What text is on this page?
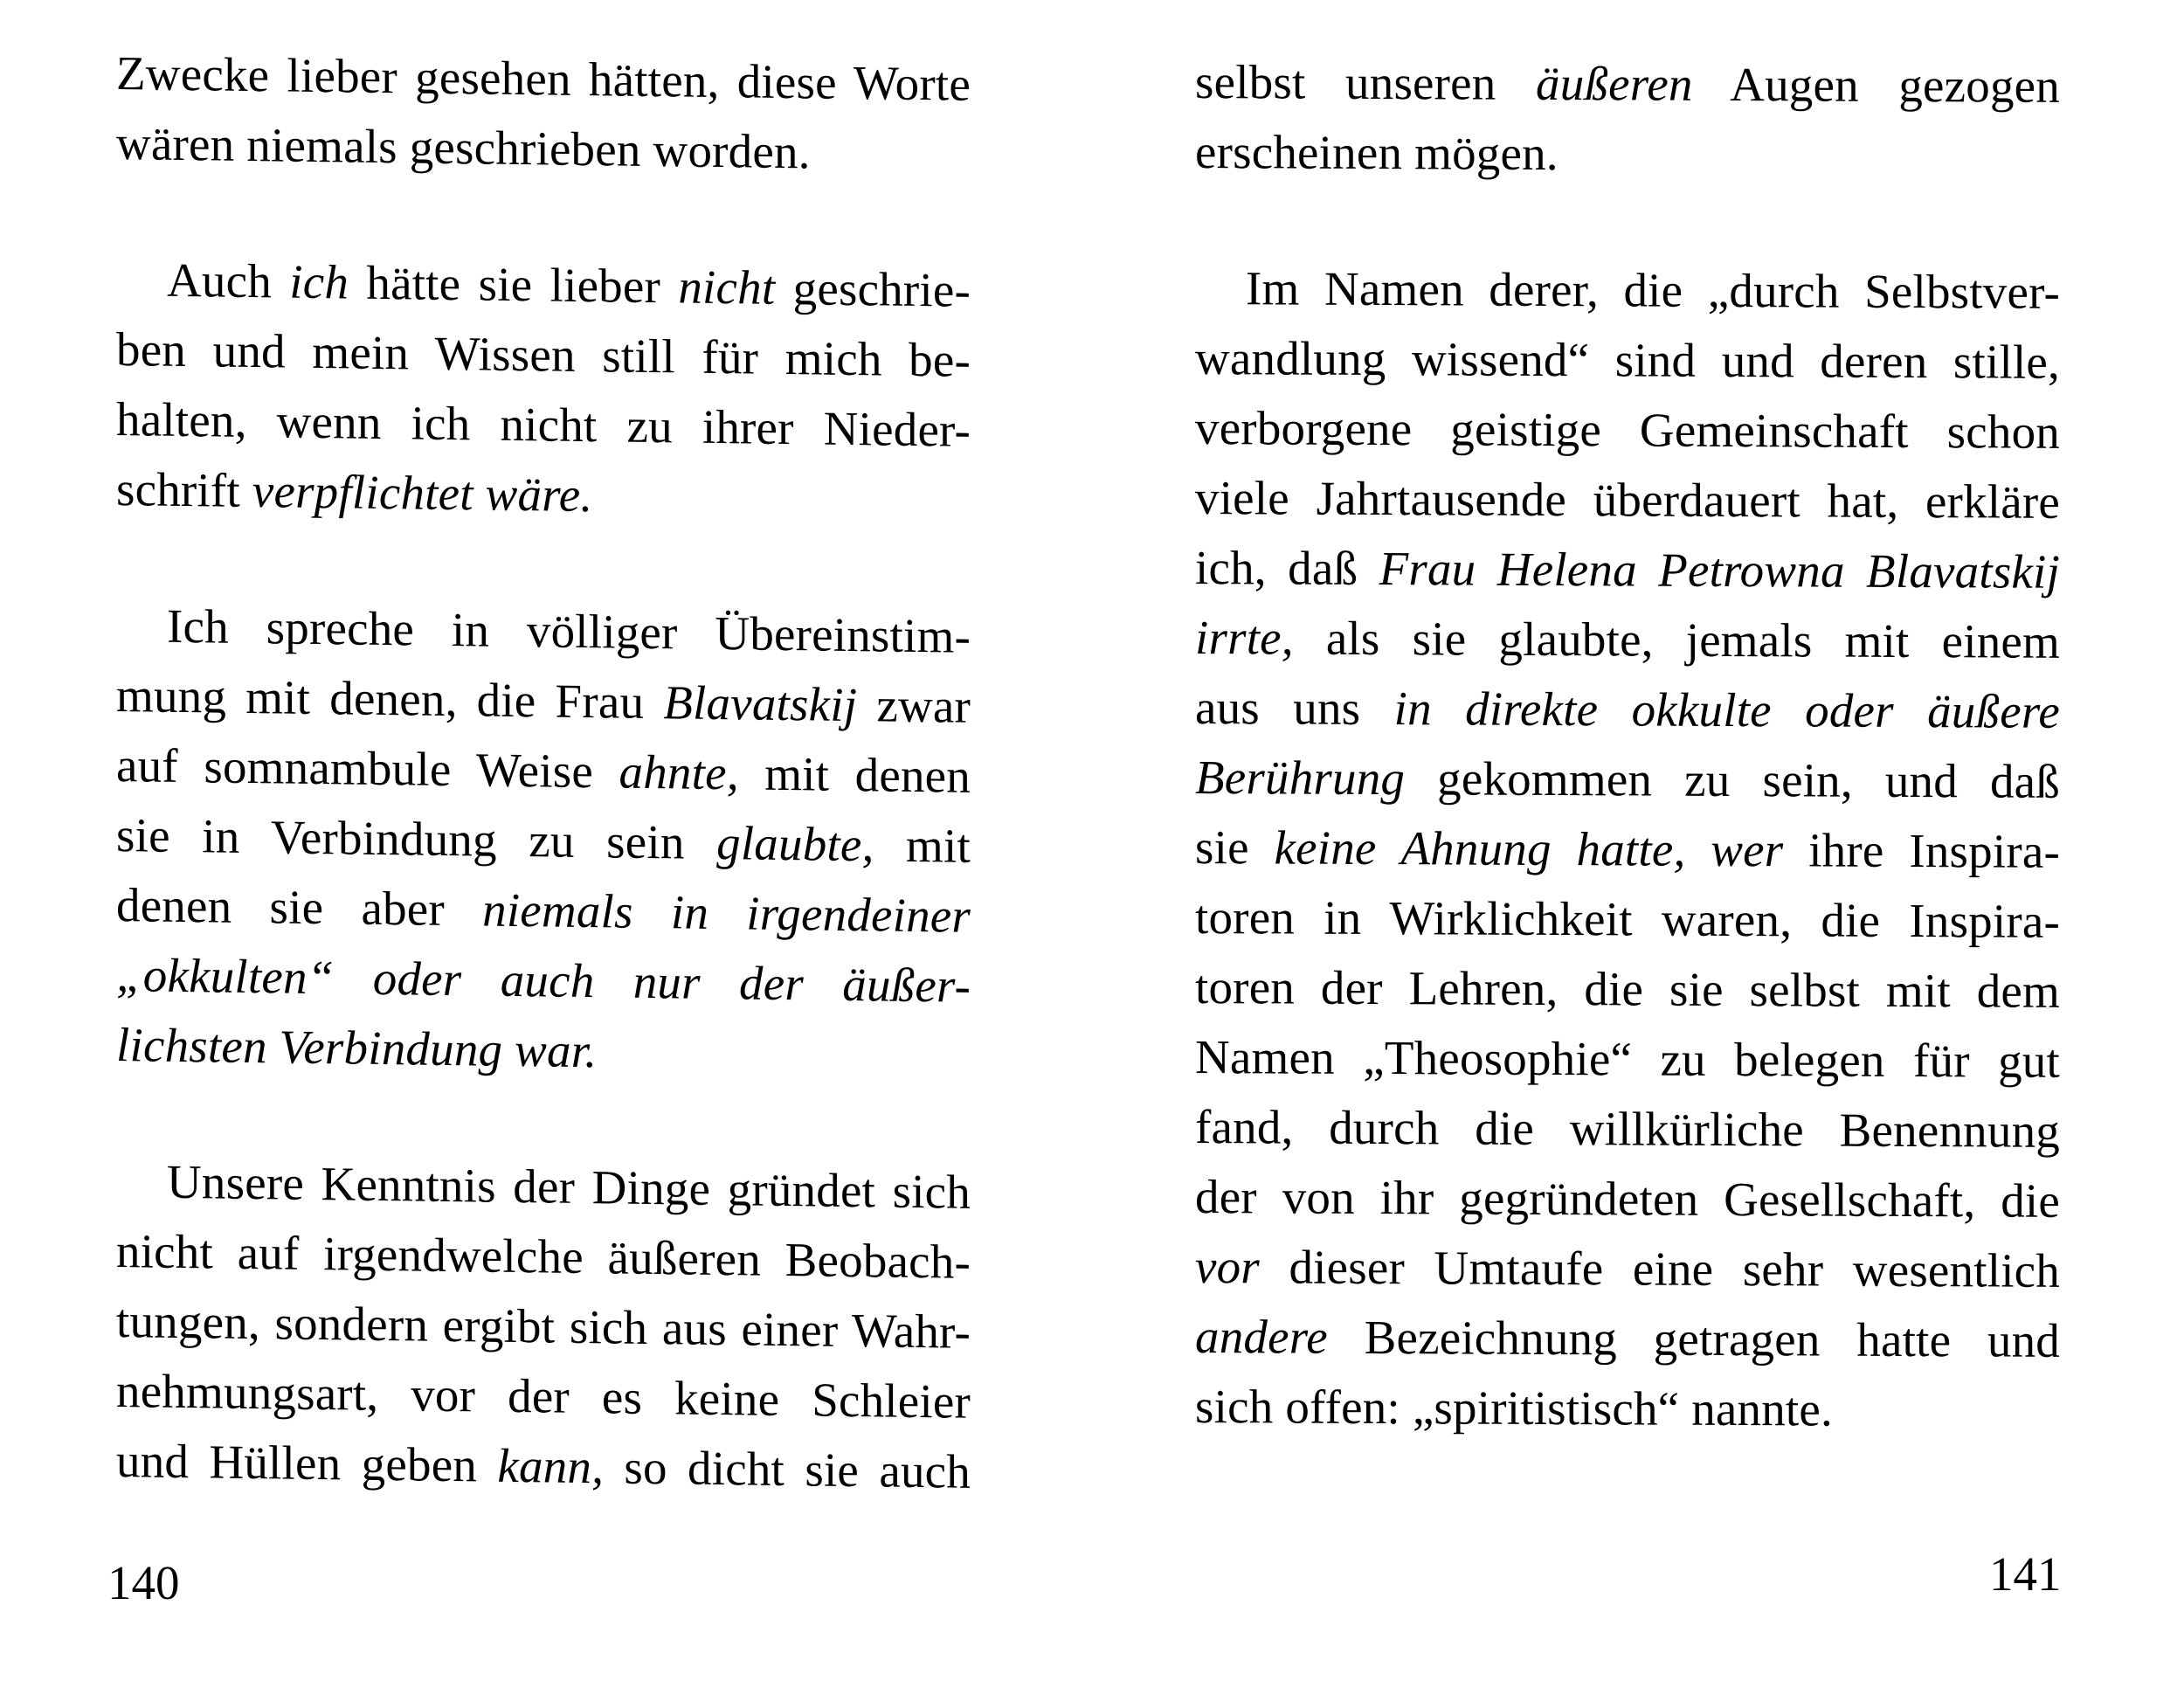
Zwecke lieber gesehen hätten, diese Worte
wären niemals geschrieben worden.
Auch ich hätte sie lieber nicht geschrie-
ben und mein Wissen still für mich be-
halten, wenn ich nicht zu ihrer Nieder-
schrift verpflichtet wäre.
Ich spreche in völliger Übereinstim-
mung mit denen, die Frau Blavatskij zwar
auf somnambule Weise ahnte, mit denen
sie in Verbindung zu sein glaubte, mit
denen sie aber niemals in irgendeiner
„okkulten“ oder auch nur der äußer-
lichsten Verbindung war.
Unsere Kenntnis der Dinge gründet sich
nicht auf irgendwelche äußeren Beobach-
tungen, sondern ergibt sich aus einer Wahr-
nehmungsart, vor der es keine Schleier
und Hüllen geben kann, so dicht sie auch
140
selbst unseren äußeren Augen gezogen
erscheinen mögen.
Im Namen derer, die „durch Selbstver-
wandlung wissend“ sind und deren stille,
verborgene geistige Gemeinschaft schon
viele Jahrtausende überdauert hat, erkläre
ich, daß Frau Helena Petrowna Blavatskij
irrte, als sie glaubte, jemals mit einem
aus uns in direkte okkulte oder äußere
Berührung gekommen zu sein, und daß
sie keine Ahnung hatte, wer ihre Inspira-
toren in Wirklichkeit waren, die Inspira-
toren der Lehren, die sie selbst mit dem
Namen „Theosophie“ zu belegen für gut
fand, durch die willkürliche Benennung
der von ihr gegründeten Gesellschaft, die
vor dieser Umtaufe eine sehr wesentlich
andere Bezeichnung getragen hatte und
sich offen: „spiritistisch“ nannte.
141
